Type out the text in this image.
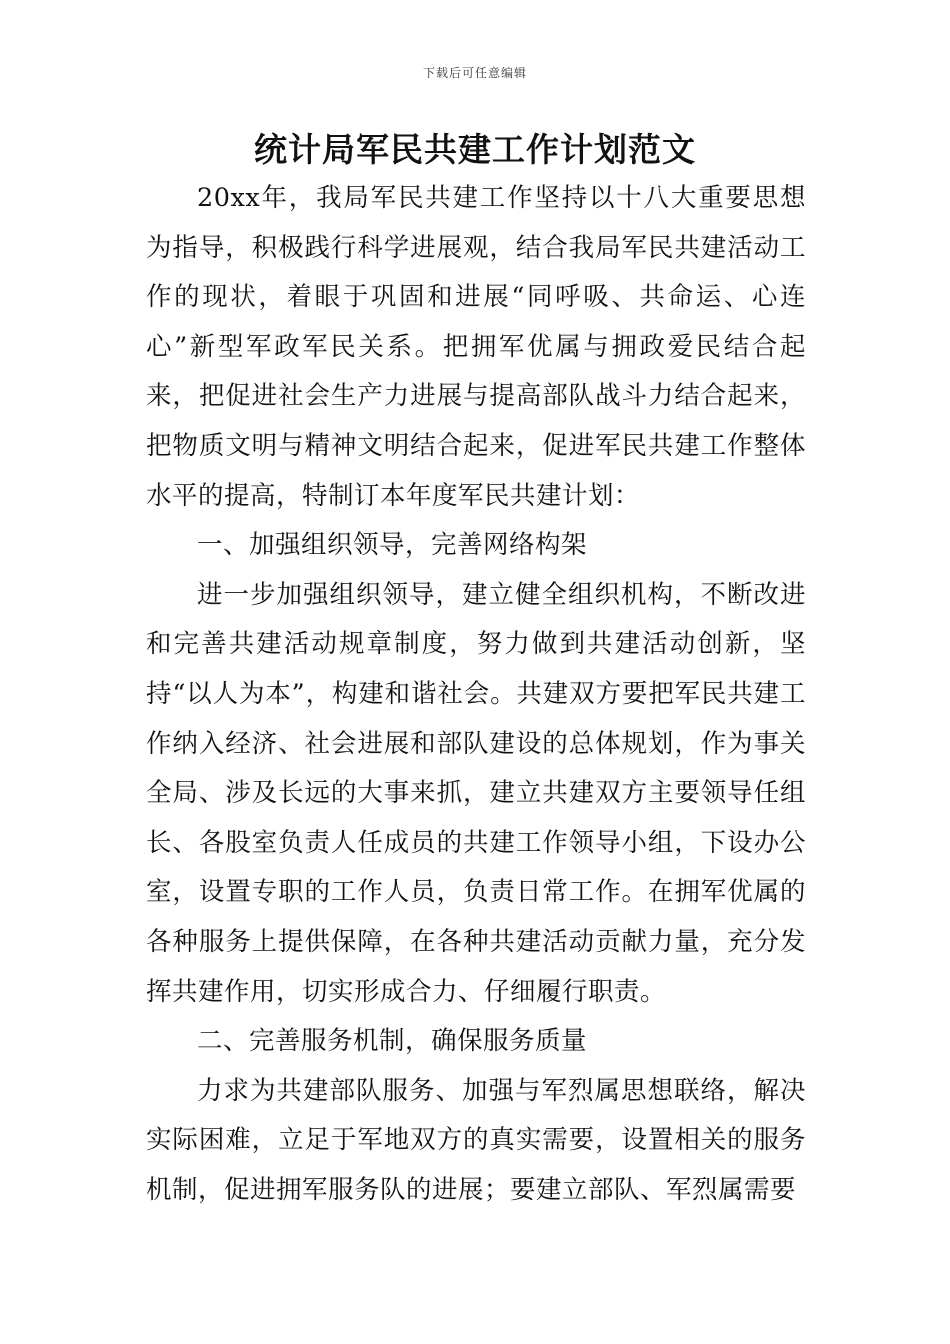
下载后可任意编辑
统计局军民共建工作计划范文

20xx年，我局军民共建工作坚持以十八大重要思想为指导，积极践行科学进展观，结合我局军民共建活动工作的现状，着眼于巩固和进展“同呼吸、共命运、心连心”新型军政军民关系。把拥军优属与拥政爱民结合起来，把促进社会生产力进展与提高部队战斗力结合起来，把物质文明与精神文明结合起来，促进军民共建工作整体水平的提高，特制订本年度军民共建计划：

一、加强组织领导，完善网络构架

进一步加强组织领导，建立健全组织机构，不断改进和完善共建活动规章制度，努力做到共建活动创新，坚持“以人为本”，构建和谐社会。共建双方要把军民共建工作纳入经济、社会进展和部队建设的总体规划，作为事关全局、涉及长远的大事来抓，建立共建双方主要领导任组长、各股室负责人任成员的共建工作领导小组，下设办公室，设置专职的工作人员，负责日常工作。在拥军优属的各种服务上提供保障，在各种共建活动贡献力量，充分发挥共建作用，切实形成合力、仔细履行职责。

二、完善服务机制，确保服务质量

力求为共建部队服务、加强与军烈属思想联络，解决实际困难，立足于军地双方的真实需要，设置相关的服务机制，促进拥军服务队的进展；要建立部队、军烈属需要
